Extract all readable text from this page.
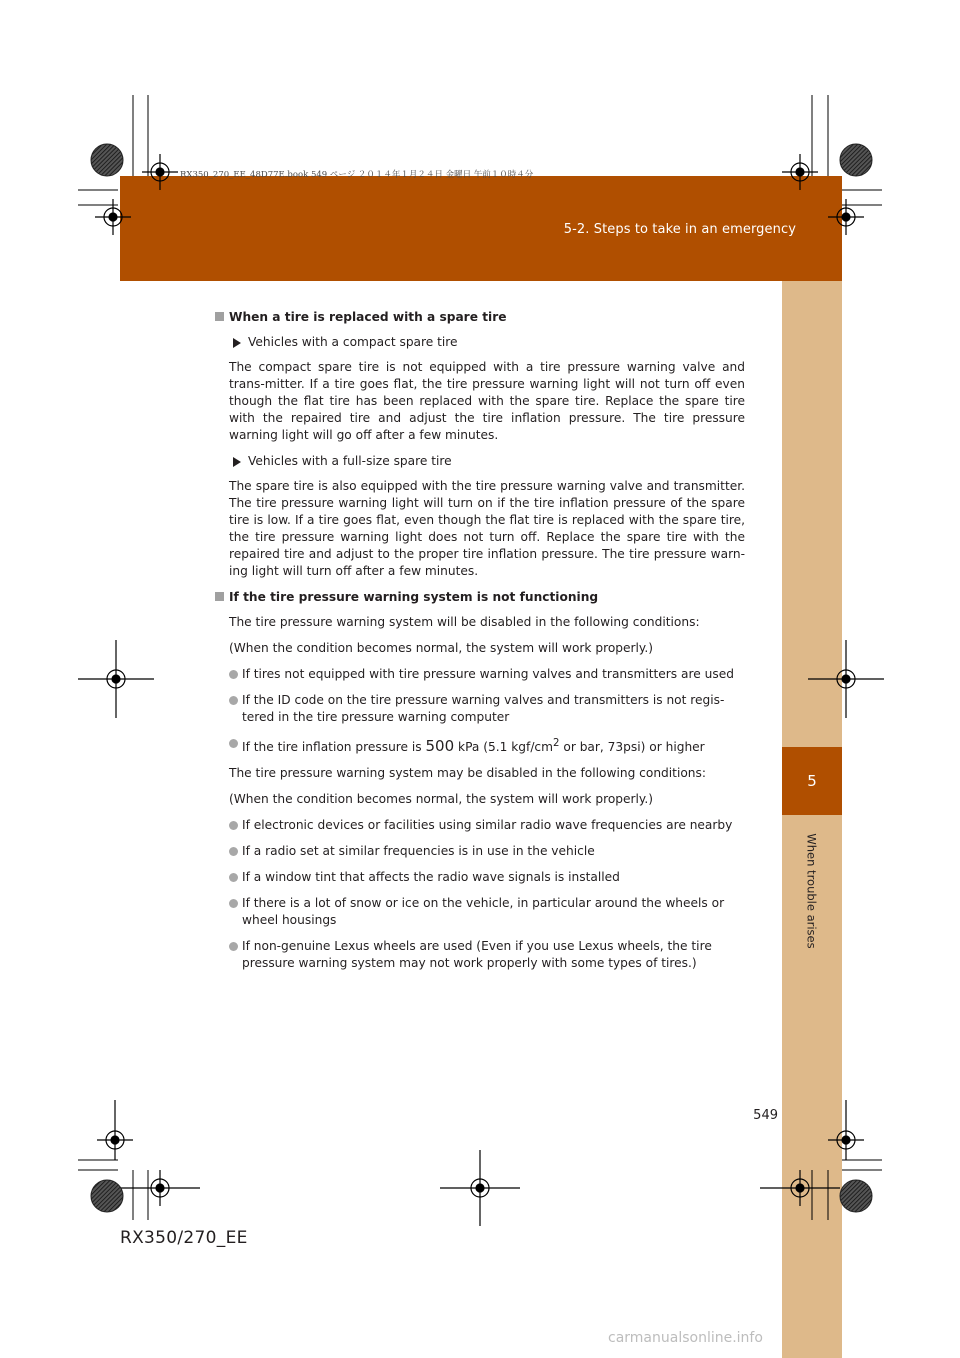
5-2. Steps to take in an emergency
RX350_270_EE_48D77E.book 549 ページ ２０１４年１月２４日 金曜日 午前１０時４分
5
When trouble arises
When a tire is replaced with a spare tire
Vehicles with a compact spare tire
The compact spare tire is not equipped with a tire pressure warning valve and trans-mitter. If a tire goes flat, the tire pressure warning light will not turn off even though the flat tire has been replaced with the spare tire. Replace the spare tire with the repaired tire and adjust the tire inflation pressure. The tire pressure warning light will go off after a few minutes.
Vehicles with a full-size spare tire
The spare tire is also equipped with the tire pressure warning valve and transmitter. The tire pressure warning light will turn on if the tire inflation pressure of the spare tire is low. If a tire goes flat, even though the flat tire is replaced with the spare tire, the tire pressure warning light does not turn off. Replace the spare tire with the repaired tire and adjust to the proper tire inflation pressure. The tire pressure warn-ing light will turn off after a few minutes.
If the tire pressure warning system is not functioning
The tire pressure warning system will be disabled in the following conditions:
(When the condition becomes normal, the system will work properly.)
If tires not equipped with tire pressure warning valves and transmitters are used
If the ID code on the tire pressure warning valves and transmitters is not regis-tered in the tire pressure warning computer
If the tire inflation pressure is 500 kPa (5.1 kgf/$cm^2$ or bar, 73psi) or higher
The tire pressure warning system may be disabled in the following conditions:
(When the condition becomes normal, the system will work properly.)
If electronic devices or facilities using similar radio wave frequencies are nearby
If a radio set at similar frequencies is in use in the vehicle
If a window tint that affects the radio wave signals is installed
If there is a lot of snow or ice on the vehicle, in particular around the wheels or wheel housings
If non-genuine Lexus wheels are used (Even if you use Lexus wheels, the tire pressure warning system may not work properly with some types of tires.)
549
RX350/270_EE
carmanualsonline.info
